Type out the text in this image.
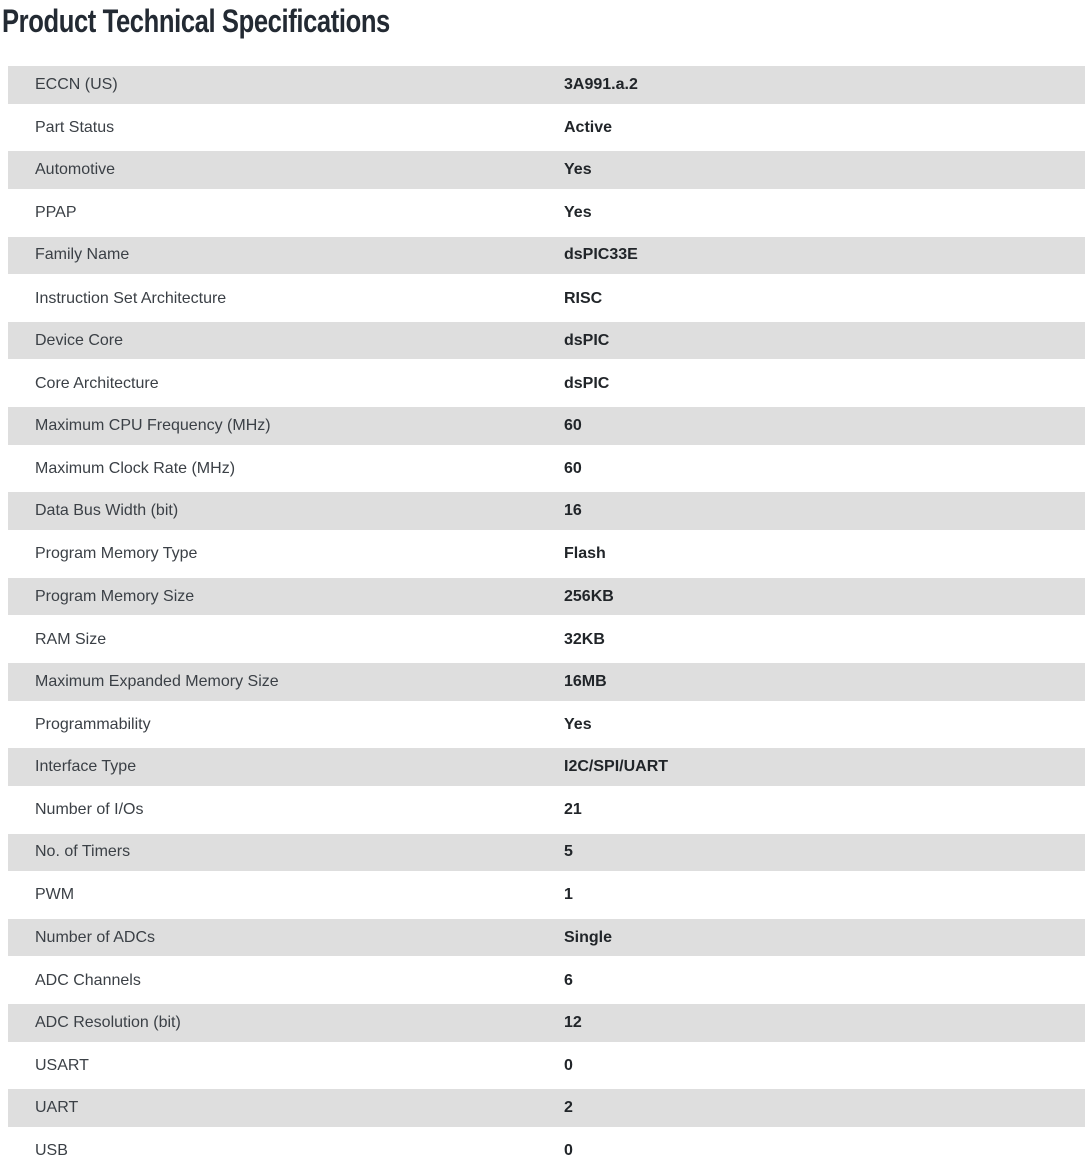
Product Technical Specifications
ECCN (US)	3A991.a.2
Part Status	Active
Automotive	Yes
PPAP	Yes
Family Name	dsPIC33E
Instruction Set Architecture	RISC
Device Core	dsPIC
Core Architecture	dsPIC
Maximum CPU Frequency (MHz)	60
Maximum Clock Rate (MHz)	60
Data Bus Width (bit)	16
Program Memory Type	Flash
Program Memory Size	256KB
RAM Size	32KB
Maximum Expanded Memory Size	16MB
Programmability	Yes
Interface Type	I2C/SPI/UART
Number of I/Os	21
No. of Timers	5
PWM	1
Number of ADCs	Single
ADC Channels	6
ADC Resolution (bit)	12
USART	0
UART	2
USB	0
